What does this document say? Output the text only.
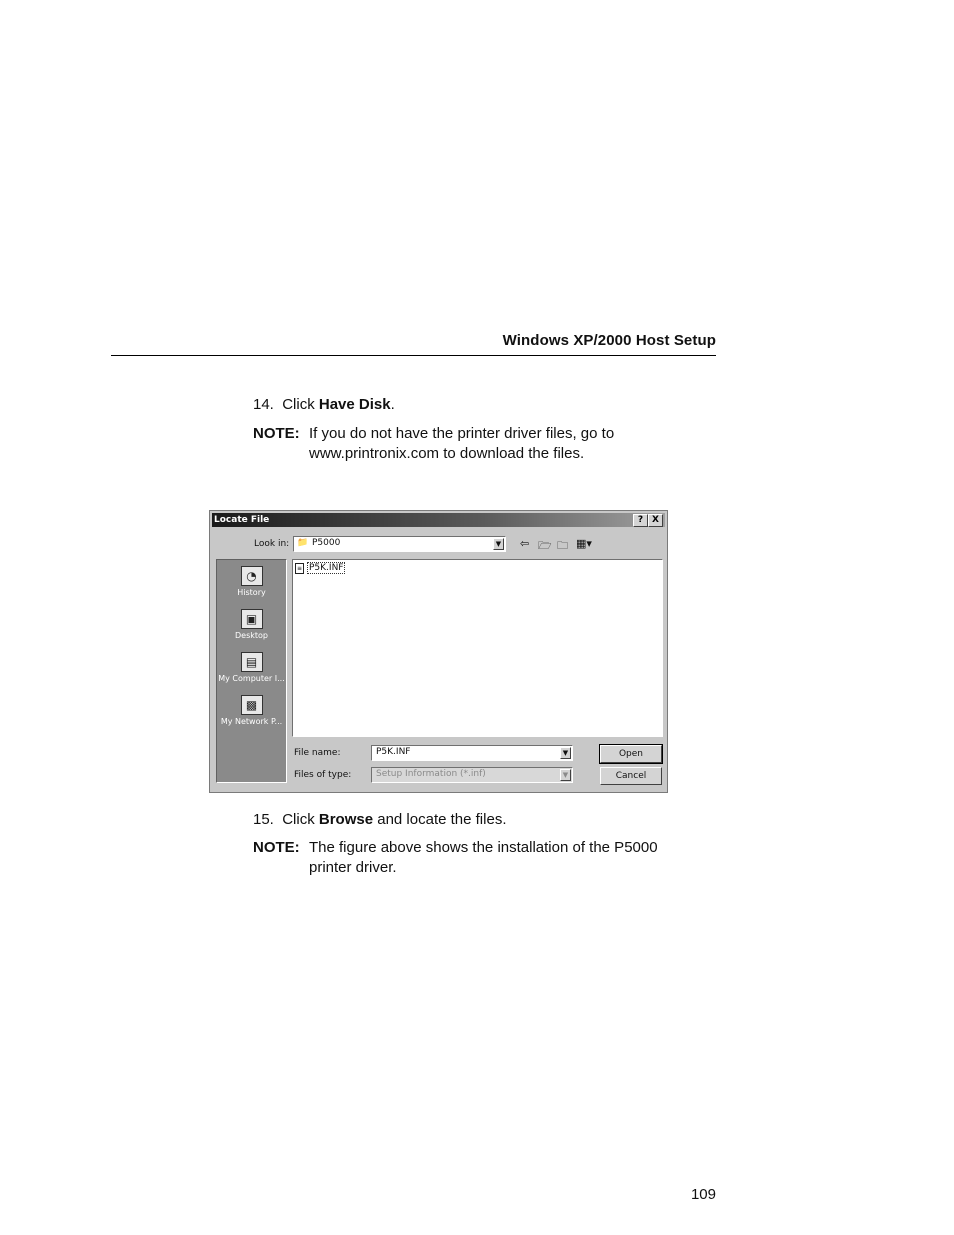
Windows XP/2000 Host Setup
14. Click Have Disk.
NOTE: If you do not have the printer driver files, go to
www.printronix.com to download the files.
Locate File	? X
Look in: 📁 P5000	▼ ⇦ 🗁 🗀 ▦▾
◔
History
▣
Desktop
▤
My Computer I...
▩
My Network P...
≡ P5K.INF
File name:	P5K.INF	▼
Files of type:	Setup Information (*.inf)	▼
Open
Cancel
15. Click Browse and locate the files.
NOTE: The figure above shows the installation of the P5000
printer driver.
109
